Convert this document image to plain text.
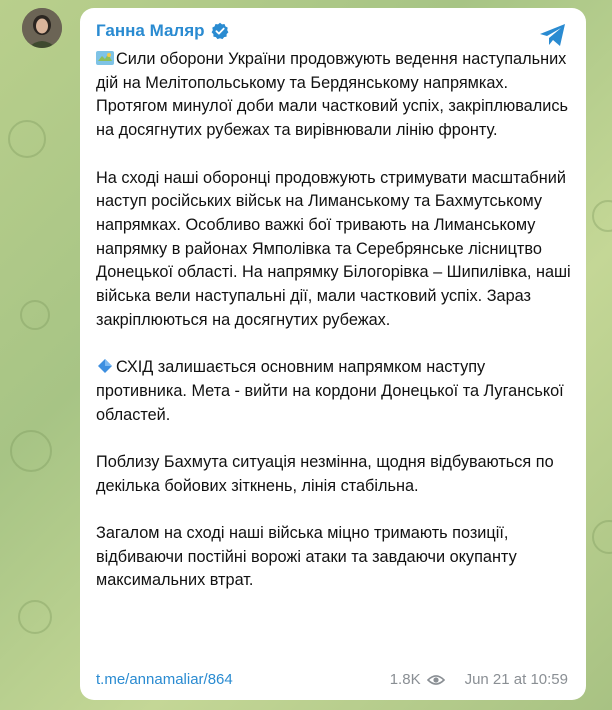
Ганна Маляр

Сили оборони України продовжують ведення наступальних дій на Мелітопольському та Бердянському напрямках. Протягом минулої доби мали частковий успіх, закріплювались на досягнутих рубежах та вирівнювали лінію фронту.

На сході наші оборонці продовжують стримувати масштабний наступ російських військ на Лиманському та Бахмутському напрямках. Особливо важкі бої тривають на Лиманському напрямку в районах Ямполівка та Серебрянське лісництво Донецької області. На напрямку Білогорівка – Шипилівка, наші війська вели наступальні дії, мали частковий успіх. Зараз закріплюються на досягнутих рубежах.

СХІД залишається основним напрямком наступу противника. Мета - вийти на кордони Донецької та Луганської областей.

Поблизу Бахмута ситуація незмінна, щодня відбуваються по декілька бойових зіткнень, лінія стабільна.

Загалом на сході наші війська міцно тримають позиції, відбиваючи постійні ворожі атаки та завдаючи окупанту максимальних втрат.

t.me/annamaliar/864	1.8K	Jun 21 at 10:59
